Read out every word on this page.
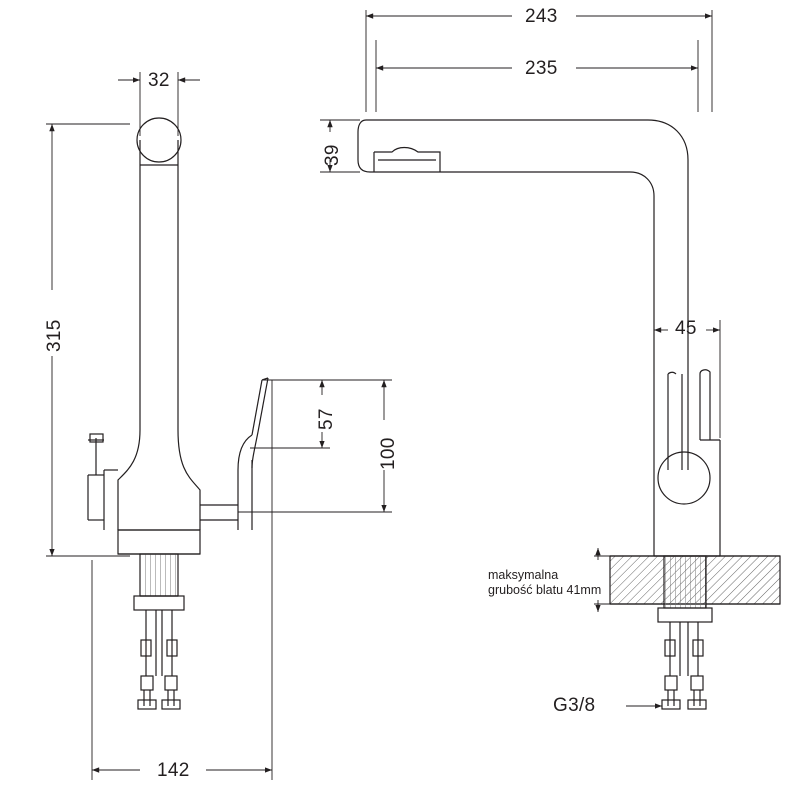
243
235
32
315
142
39
45
57
100
G3/8
maksymalna
grubość blatu 41mm
